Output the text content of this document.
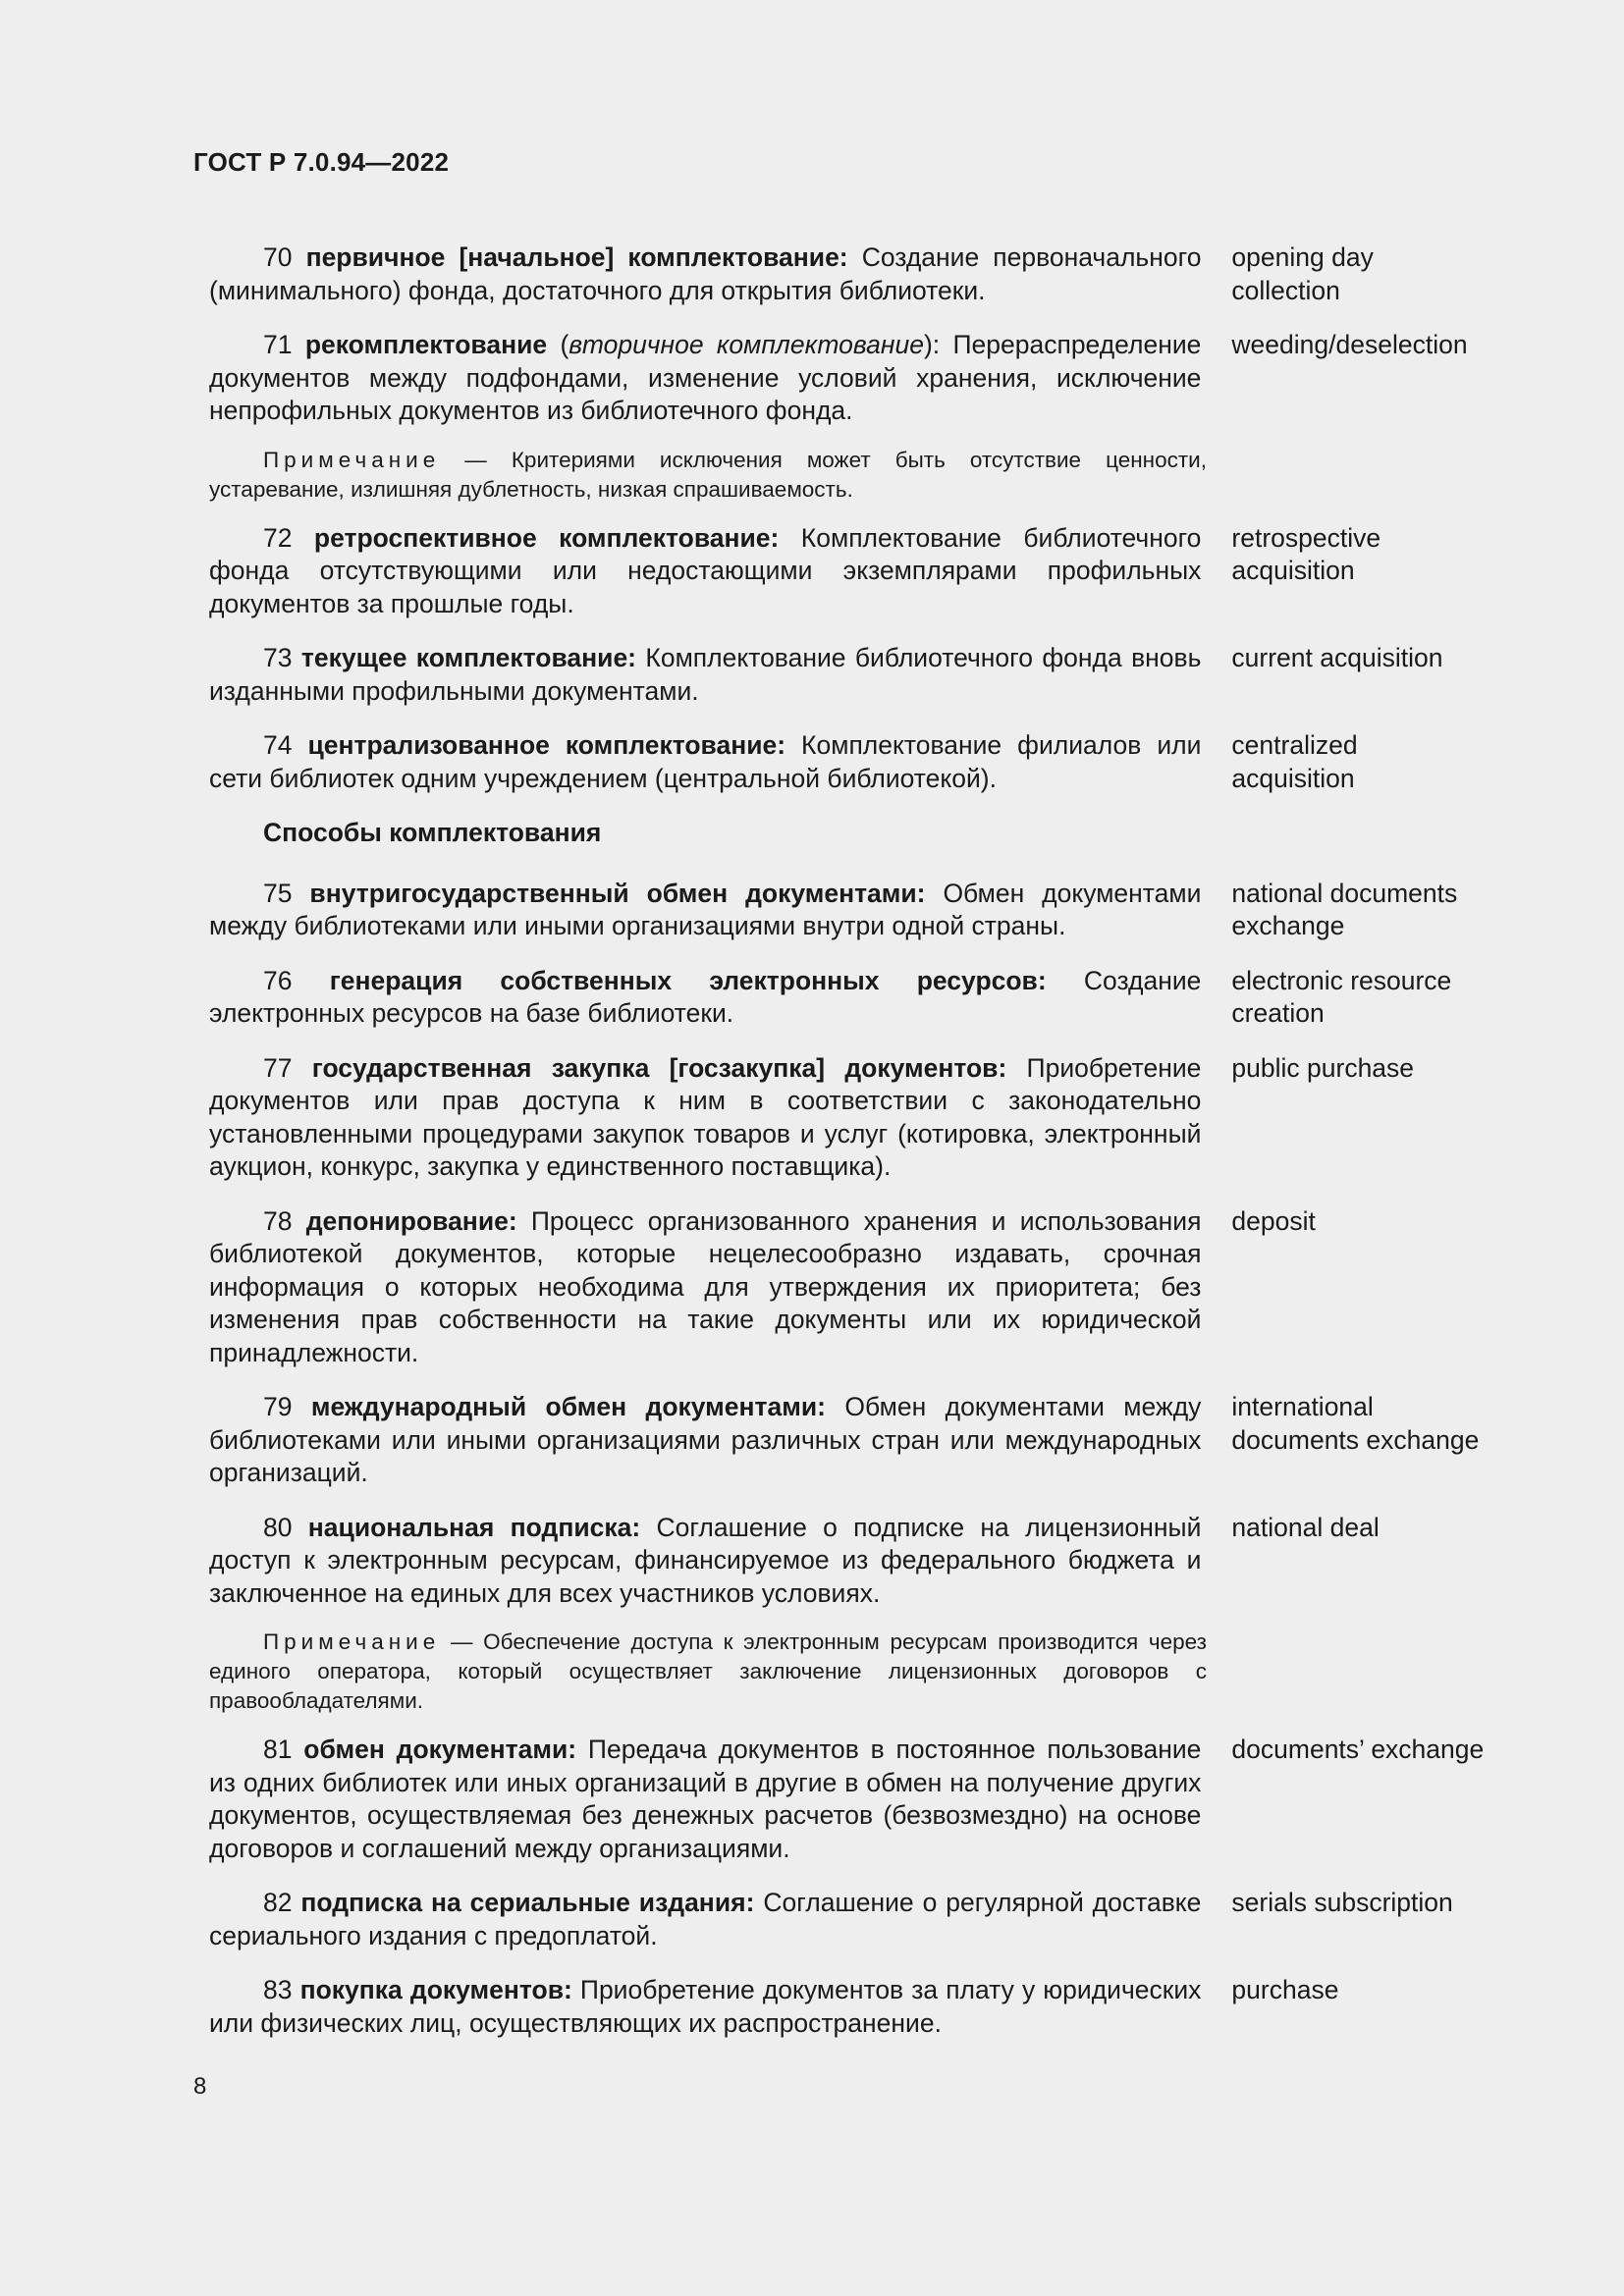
ГОСТ Р 7.0.94—2022
70 первичное [начальное] комплектование: Создание первоначального (минимального) фонда, достаточного для открытия библиотеки.
opening day collection
71 рекомплектование (вторичное комплектование): Перераспределение документов между подфондами, изменение условий хранения, исключение непрофильных документов из библиотечного фонда.
weeding/deselection
Примечание — Критериями исключения может быть отсутствие ценности, устаревание, излишняя дублетность, низкая спрашиваемость.
72 ретроспективное комплектование: Комплектование библиотечного фонда отсутствующими или недостающими экземплярами профильных документов за прошлые годы.
retrospective acquisition
73 текущее комплектование: Комплектование библиотечного фонда вновь изданными профильными документами.
current acquisition
74 централизованное комплектование: Комплектование филиалов или сети библиотек одним учреждением (центральной библиотекой).
centralized acquisition
Способы комплектования
75 внутригосударственный обмен документами: Обмен документами между библиотеками или иными организациями внутри одной страны.
national documents exchange
76 генерация собственных электронных ресурсов: Создание электронных ресурсов на базе библиотеки.
electronic resource creation
77 государственная закупка [госзакупка] документов: Приобретение документов или прав доступа к ним в соответствии с законодательно установленными процедурами закупок товаров и услуг (котировка, электронный аукцион, конкурс, закупка у единственного поставщика).
public purchase
78 депонирование: Процесс организованного хранения и использования библиотекой документов, которые нецелесообразно издавать, срочная информация о которых необходима для утверждения их приоритета; без изменения прав собственности на такие документы или их юридической принадлежности.
deposit
79 международный обмен документами: Обмен документами между библиотеками или иными организациями различных стран или международных организаций.
international documents exchange
80 национальная подписка: Соглашение о подписке на лицензионный доступ к электронным ресурсам, финансируемое из федерального бюджета и заключенное на единых для всех участников условиях.
national deal
Примечание — Обеспечение доступа к электронным ресурсам производится через единого оператора, который осуществляет заключение лицензионных договоров с правообладателями.
81 обмен документами: Передача документов в постоянное пользование из одних библиотек или иных организаций в другие в обмен на получение других документов, осуществляемая без денежных расчетов (безвозмездно) на основе договоров и соглашений между организациями.
documents’ exchange
82 подписка на сериальные издания: Соглашение о регулярной доставке сериального издания с предоплатой.
serials subscription
83 покупка документов: Приобретение документов за плату у юридических или физических лиц, осуществляющих их распространение.
purchase
8
